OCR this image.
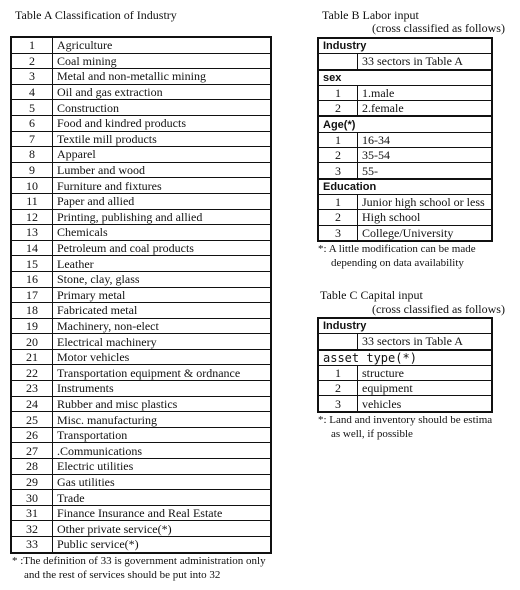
Table A Classification of Industry
1	Agriculture
2	Coal mining
3	Metal and non-metallic mining
4	Oil and gas extraction
5	Construction
6	Food and kindred products
7	Textile mill products
8	Apparel
9	Lumber and wood
10	Furniture and fixtures
11	Paper and allied
12	Printing, publishing and allied
13	Chemicals
14	Petroleum and coal products
15	Leather
16	Stone, clay, glass
17	Primary metal
18	Fabricated metal
19	Machinery, non-elect
20	Electrical machinery
21	Motor vehicles
22	Transportation equipment & ordnance
23	Instruments
24	Rubber and misc plastics
25	Misc. manufacturing
26	Transportation
27	.Communications
28	Electric utilities
29	Gas utilities
30	Trade
31	Finance Insurance and Real Estate
32	Other private service(*)
33	Public service(*)
* :The definition of 33 is government administration only
and the rest of services should be put into 32
Table B Labor input
(cross classified as follows)
Industry	
	33 sectors in Table A
sex	
1	1.male
2	2.female
Age(*)	
1	16-34
2	35-54
3	55-
Education	
1	Junior high school or less
2	High school
3	College/University
*: A little modification can be made
depending on data availability
Table C Capital input
(cross classified as follows)
Industry	
	33 sectors in Table A
asset type(*)	
1	structure
2	equipment
3	vehicles
*: Land and inventory should be estima
as well, if possible
